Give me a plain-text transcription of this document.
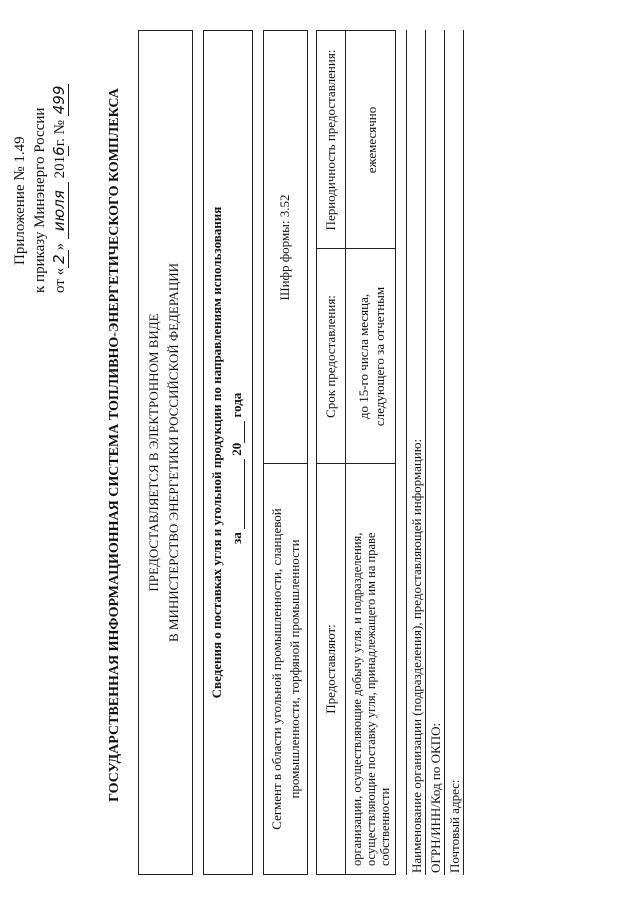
Приложение № 1.49 к приказу Минэнерго России от «2» июля 2016г. № 499	ГОСУДАРСТВЕННАЯ ИНФОРМАЦИОННАЯ СИСТЕМА ТОПЛИВНО-ЭНЕРГЕТИЧЕСКОГО КОМПЛЕКСА ПРЕДОСТАВЛЯЕТСЯ В ЭЛЕКТРОННОМ ВИДЕ В МИНИСТЕРСТВО ЭНЕРГЕТИКИ РОССИЙСКОЙ ФЕДЕРАЦИИ Сведения о поставках угля и угольной продукции по направлениям использования за   20  года
Сегмент в области угольной промышленности, сланцевой промышленности, торфяной промышленности
Шифр формы: 3.52
Предоставляют:
Срок предоставления:
Периодичность предоставления:
организации, осуществляющие добычу угля, и подразделения, осуществляющие поставку угля, принадлежащего им на праве собственности
до 15-го числа месяца, следующего за отчетным
ежемесячно
Наименование организации (подразделения), предоставляющей информацию: ОГРН/ИНН/Код по ОКПО: Почтовый адрес:
